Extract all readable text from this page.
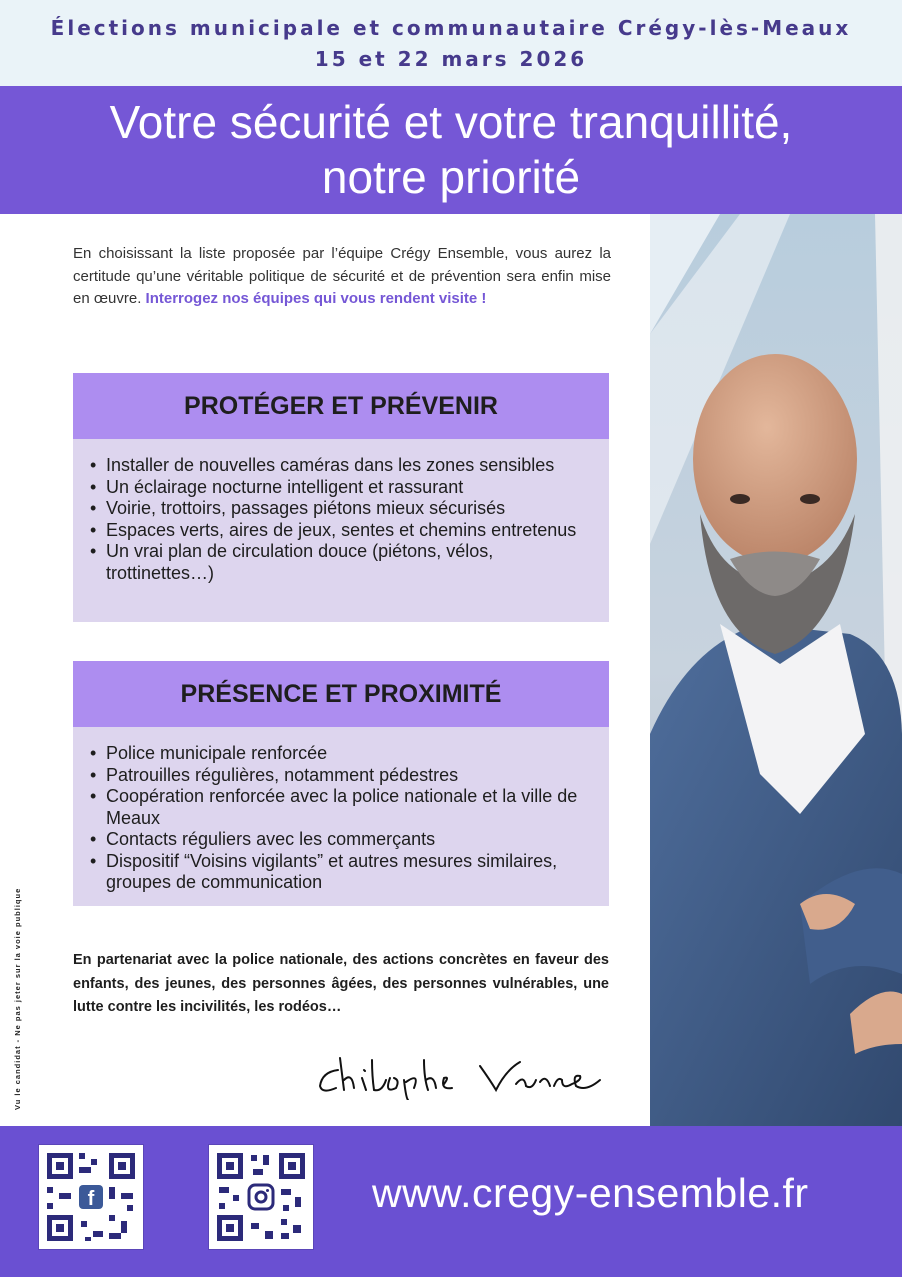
Élections municipale et communautaire Crégy-lès-Meaux
15 et 22 mars 2026
Votre sécurité et votre tranquillité,
notre priorité
Vu le candidat - Ne pas jeter sur la voie publique
En choisissant la liste proposée par l’équipe Crégy Ensemble, vous aurez la certitude qu’une véritable politique de sécurité et de prévention sera enfin mise en œuvre. Interrogez nos équipes qui vous rendent visite !
PROTÉGER ET PRÉVENIR
• Installer de nouvelles caméras dans les zones sensibles
• Un éclairage nocturne intelligent et rassurant
• Voirie, trottoirs, passages piétons mieux sécurisés
• Espaces verts, aires de jeux, sentes et chemins entretenus
• Un vrai plan de circulation douce (piétons, vélos, trottinettes…)
PRÉSENCE ET PROXIMITÉ
• Police municipale renforcée
• Patrouilles régulières, notamment pédestres
• Coopération renforcée avec la police nationale et la ville de Meaux
• Contacts réguliers avec les commerçants
• Dispositif “Voisins vigilants” et autres mesures similaires, groupes de communication
En partenariat avec la police nationale, des actions concrètes en faveur des enfants, des jeunes, des personnes âgées, des personnes vulnérables, une lutte contre les incivilités, les rodéos…
f	www.cregy-ensemble.fr
